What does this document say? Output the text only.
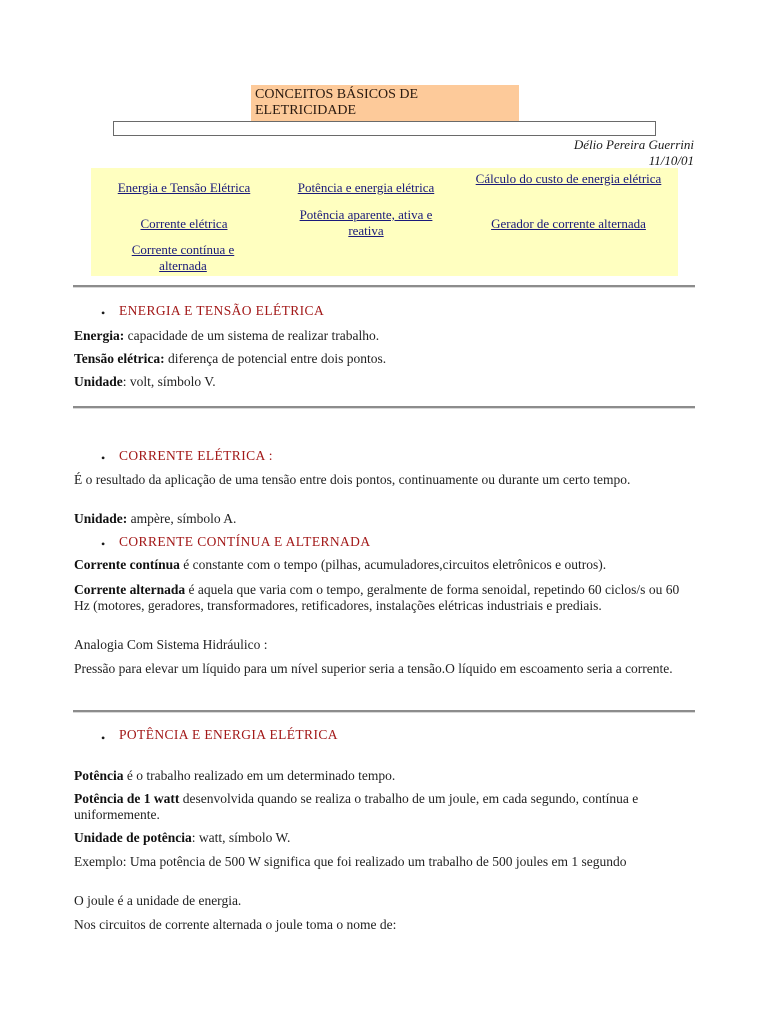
CONCEITOS BÁSICOS DE ELETRICIDADE
Délio Pereira Guerrini
11/10/01
Energia e Tensão Elétrica	Potência e energia elétrica
Cálculo do custo de energia elétrica
Corrente elétrica
Potência aparente, ativa e reativa	Gerador de corrente alternada
Corrente contínua e alternada
• ENERGIA E TENSÃO ELÉTRICA
Energia: capacidade de um sistema de realizar trabalho.
Tensão elétrica: diferença de potencial entre dois pontos.
Unidade: volt, símbolo V.
• CORRENTE ELÉTRICA :
É o resultado da aplicação de uma tensão entre dois pontos, continuamente ou durante um certo tempo.
Unidade: ampère, símbolo A.
• CORRENTE CONTÍNUA E ALTERNADA
Corrente contínua é constante com o tempo (pilhas, acumuladores,circuitos eletrônicos e outros).
Corrente alternada é aquela que varia com o tempo, geralmente de forma senoidal, repetindo 60 ciclos/s ou 60 Hz (motores, geradores, transformadores, retificadores, instalações elétricas industriais e prediais.
Analogia Com Sistema Hidráulico :
Pressão para elevar um líquido para um nível superior seria a tensão.O líquido em escoamento seria a corrente.
• POTÊNCIA E ENERGIA ELÉTRICA
Potência é o trabalho realizado em um determinado tempo.
Potência de 1 watt desenvolvida quando se realiza o trabalho de um joule, em cada segundo, contínua e uniformemente.
Unidade de potência: watt, símbolo W.
Exemplo: Uma potência de 500 W significa que foi realizado um trabalho de 500 joules em 1 segundo
O joule é a unidade de energia.
Nos circuitos de corrente alternada o joule toma o nome de:
